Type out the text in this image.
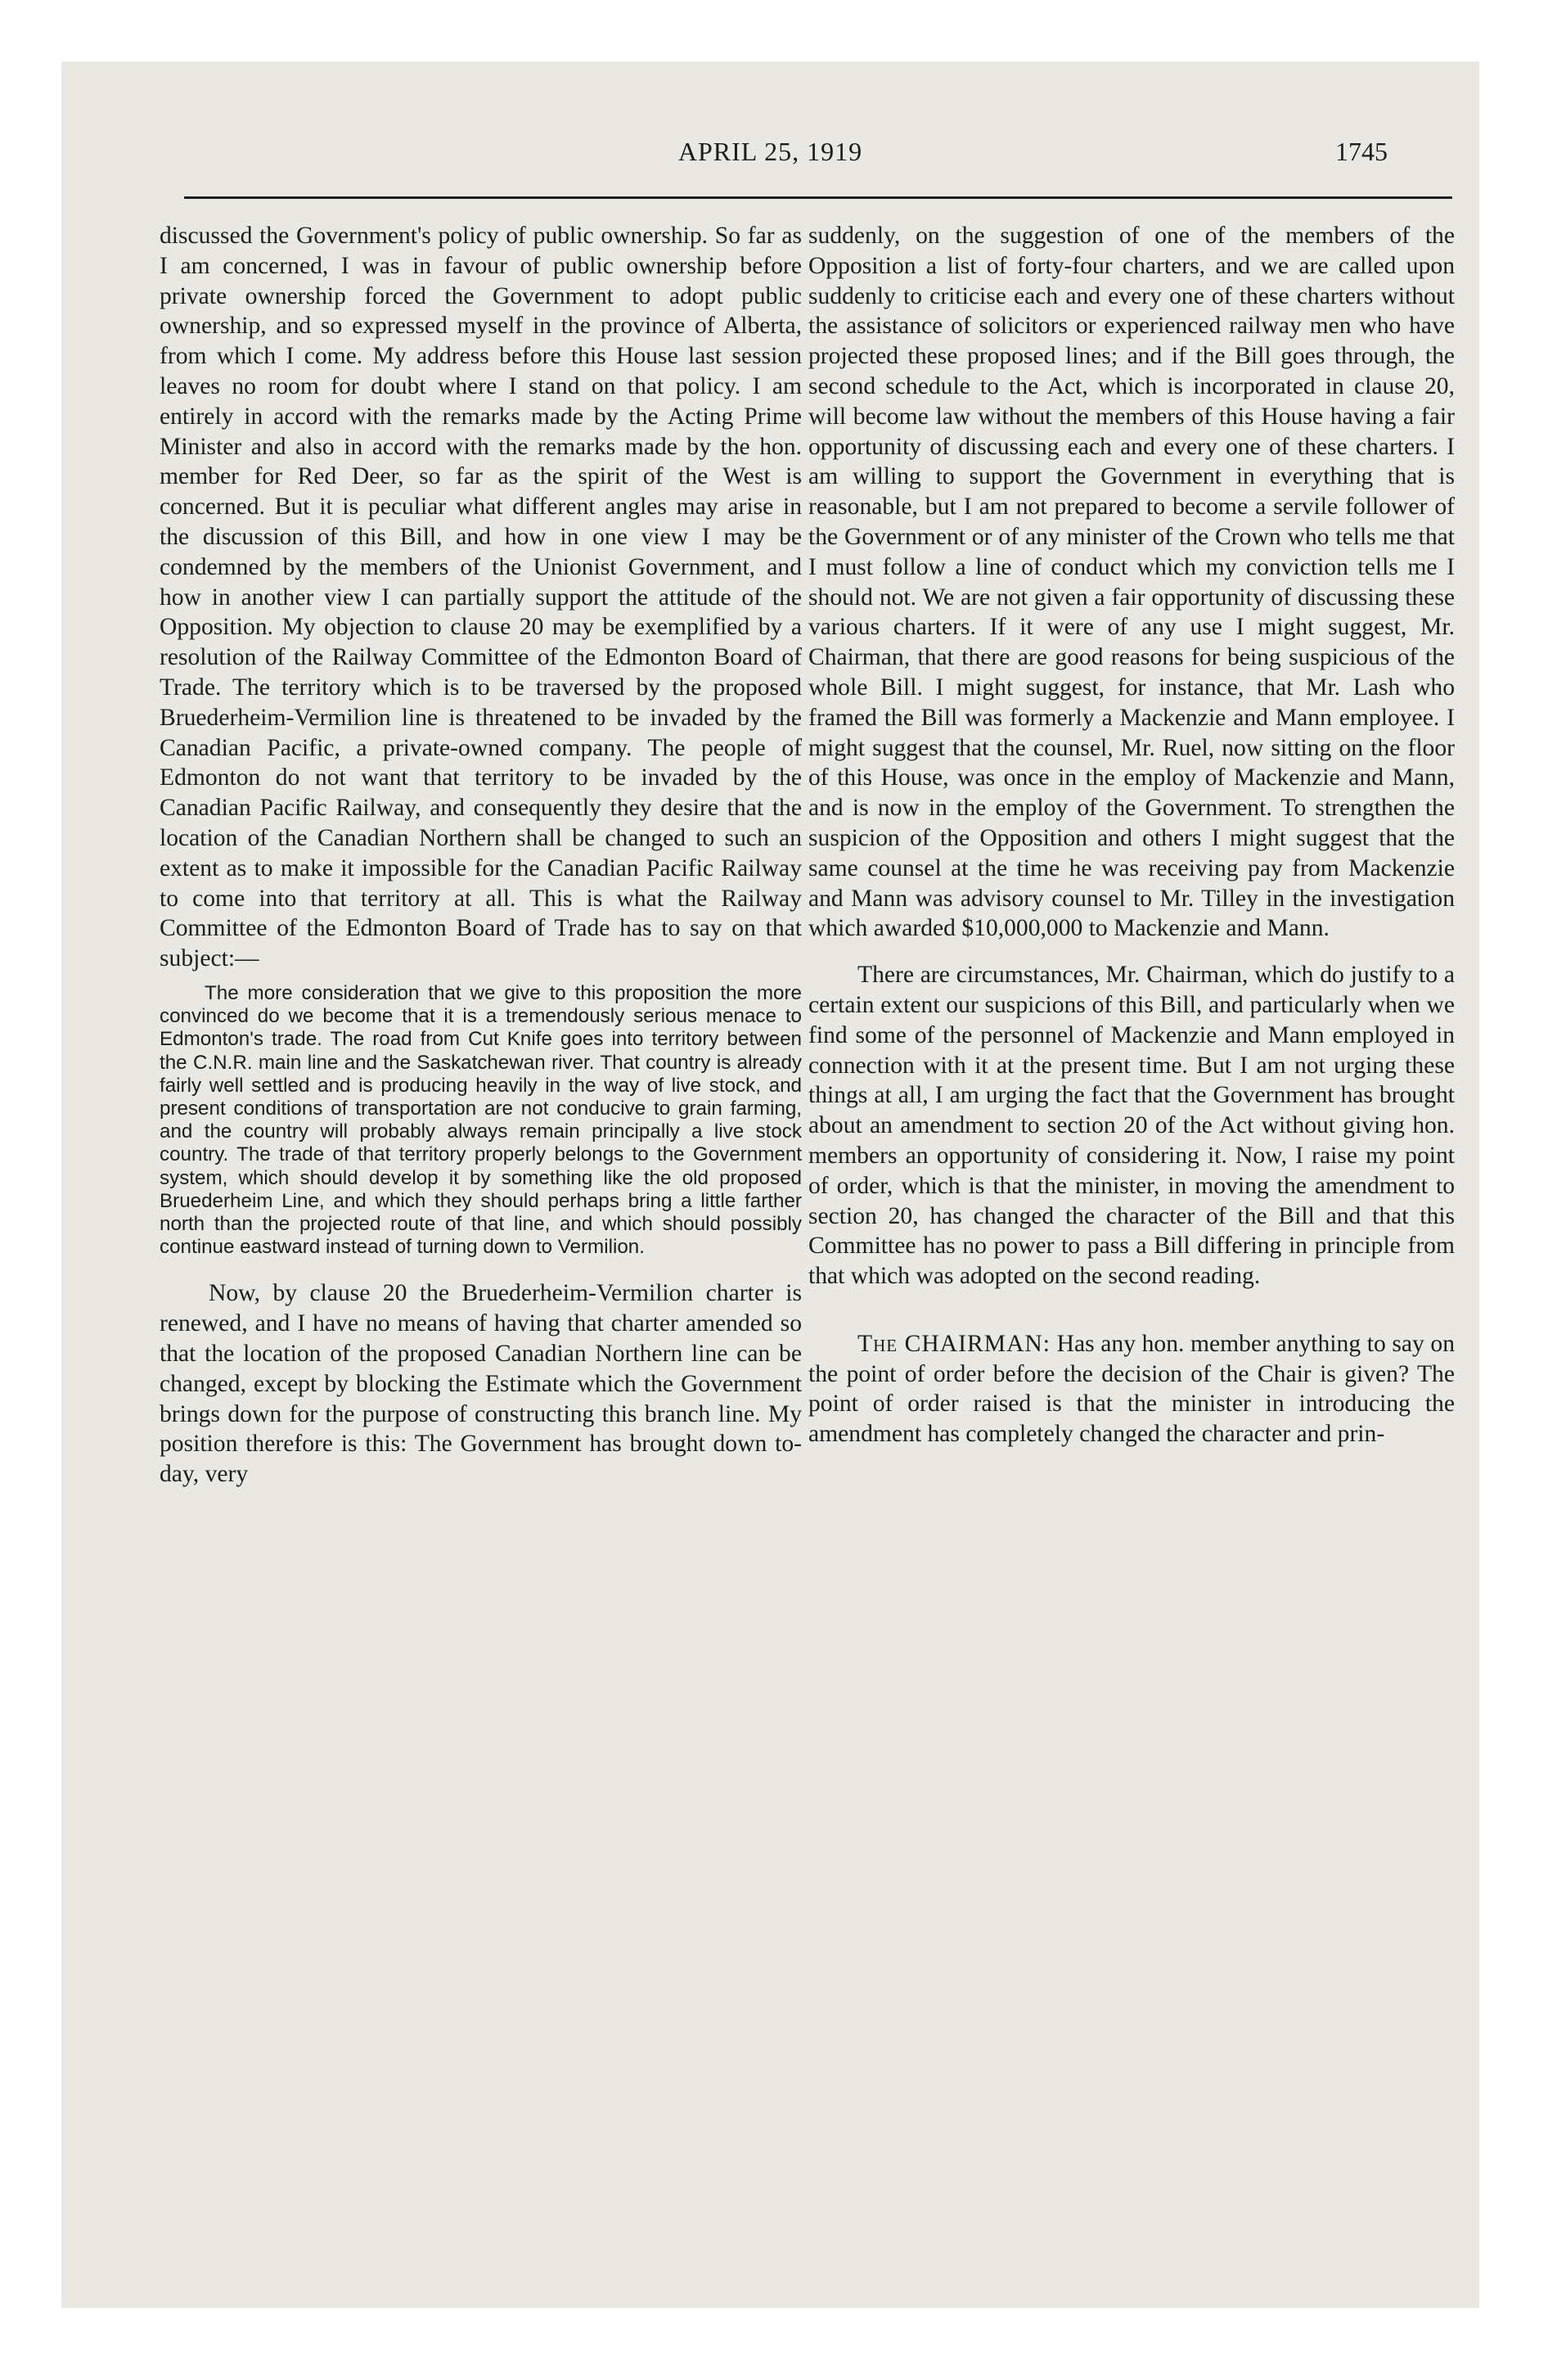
APRIL 25, 1919	1745

discussed the Government's policy of public ownership. So far as I am concerned, I was in favour of public ownership before private ownership forced the Government to adopt public ownership, and so expressed myself in the province of Alberta, from which I come. My address before this House last session leaves no room for doubt where I stand on that policy. I am entirely in accord with the remarks made by the Acting Prime Minister and also in accord with the remarks made by the hon. member for Red Deer, so far as the spirit of the West is concerned. But it is peculiar what different angles may arise in the discussion of this Bill, and how in one view I may be condemned by the members of the Unionist Government, and how in another view I can partially support the attitude of the Opposition. My objection to clause 20 may be exemplified by a resolution of the Railway Committee of the Edmonton Board of Trade. The territory which is to be traversed by the proposed Bruederheim-Vermilion line is threatened to be invaded by the Canadian Pacific, a private-owned company. The people of Edmonton do not want that territory to be invaded by the Canadian Pacific Railway, and consequently they desire that the location of the Canadian Northern shall be changed to such an extent as to make it impossible for the Canadian Pacific Railway to come into that territory at all. This is what the Railway Committee of the Edmonton Board of Trade has to say on that subject:—

The more consideration that we give to this proposition the more convinced do we become that it is a tremendously serious menace to Edmonton's trade. The road from Cut Knife goes into territory between the C.N.R. main line and the Saskatchewan river. That country is already fairly well settled and is producing heavily in the way of live stock, and present conditions of transportation are not conducive to grain farming, and the country will probably always remain principally a live stock country. The trade of that territory properly belongs to the Government system, which should develop it by something like the old proposed Bruederheim Line, and which they should perhaps bring a little farther north than the projected route of that line, and which should possibly continue eastward instead of turning down to Vermilion.

Now, by clause 20 the Bruederheim-Vermilion charter is renewed, and I have no means of having that charter amended so that the location of the proposed Canadian Northern line can be changed, except by blocking the Estimate which the Government brings down for the purpose of constructing this branch line. My position therefore is this: The Government has brought down to-day, very

suddenly, on the suggestion of one of the members of the Opposition a list of forty-four charters, and we are called upon suddenly to criticise each and every one of these charters without the assistance of solicitors or experienced railway men who have projected these proposed lines; and if the Bill goes through, the second schedule to the Act, which is incorporated in clause 20, will become law without the members of this House having a fair opportunity of discussing each and every one of these charters. I am willing to support the Government in everything that is reasonable, but I am not prepared to become a servile follower of the Government or of any minister of the Crown who tells me that I must follow a line of conduct which my conviction tells me I should not. We are not given a fair opportunity of discussing these various charters. If it were of any use I might suggest, Mr. Chairman, that there are good reasons for being suspicious of the whole Bill. I might suggest, for instance, that Mr. Lash who framed the Bill was formerly a Mackenzie and Mann employee. I might suggest that the counsel, Mr. Ruel, now sitting on the floor of this House, was once in the employ of Mackenzie and Mann, and is now in the employ of the Government. To strengthen the suspicion of the Opposition and others I might suggest that the same counsel at the time he was receiving pay from Mackenzie and Mann was advisory counsel to Mr. Tilley in the investigation which awarded $10,000,000 to Mackenzie and Mann.

There are circumstances, Mr. Chairman, which do justify to a certain extent our suspicions of this Bill, and particularly when we find some of the personnel of Mackenzie and Mann employed in connection with it at the present time. But I am not urging these things at all, I am urging the fact that the Government has brought about an amendment to section 20 of the Act without giving hon. members an opportunity of considering it. Now, I raise my point of order, which is that the minister, in moving the amendment to section 20, has changed the character of the Bill and that this Committee has no power to pass a Bill differing in principle from that which was adopted on the second reading.

The CHAIRMAN: Has any hon. member anything to say on the point of order before the decision of the Chair is given? The point of order raised is that the minister in introducing the amendment has completely changed the character and prin-
